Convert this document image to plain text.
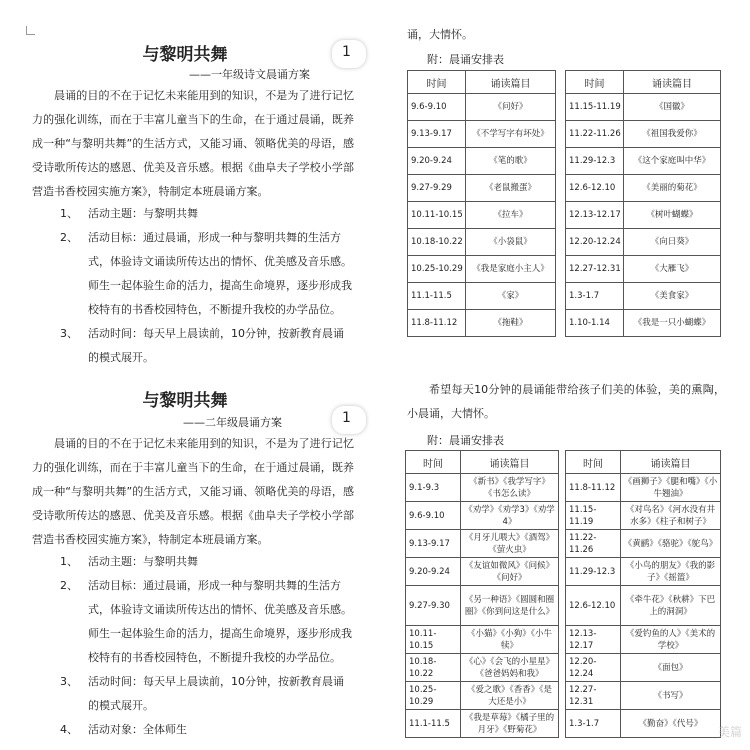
与黎明共舞	1
——一年级诗文晨诵方案
晨诵的目的不在于记忆未来能用到的知识，不是为了进行记忆力的强化训练，而在于丰富儿童当下的生命，在于通过晨诵，既养成一种“与黎明共舞”的生活方式，又能习诵、领略优美的母语，感受诗歌所传达的感恩、优美及音乐感。根据《曲阜夫子学校小学部营造书香校园实施方案》，特制定本班晨诵方案。
1、 活动主题：与黎明共舞
2、 活动目标：通过晨诵，形成一种与黎明共舞的生活方式，体验诗文诵读所传达出的情怀、优美感及音乐感。师生一起体验生命的活力，提高生命境界，逐步形成我校特有的书香校园特色，不断提升我校的办学品位。
3、 活动时间：每天早上晨读前，10分钟，按新教育晨诵的模式展开。
诵，大情怀。
附：晨诵安排表
时间	诵读篇目
9.6-9.10	《问好》
9.13-9.17	《不学写字有坏处》
9.20-9.24	《笔的歌》
9.27-9.29	《老鼠搬蛋》
10.11-10.15	《拉车》
10.18-10.22	《小袋鼠》
10.25-10.29	《我是家庭小主人》
11.1-11.5	《家》
11.8-11.12	《拖鞋》
时间	诵读篇目
11.15-11.19	《国徽》
11.22-11.26	《祖国我爱你》
11.29-12.3	《这个家庭叫中华》
12.6-12.10	《美丽的菊花》
12.13-12.17	《树叶蝴蝶》
12.20-12.24	《向日葵》
12.27-12.31	《大雁飞》
1.3-1.7	《美食家》
1.10-1.14	《我是一只小蝴蝶》
与黎明共舞
1
——二年级晨诵方案
晨诵的目的不在于记忆未来能用到的知识，不是为了进行记忆力的强化训练，而在于丰富儿童当下的生命，在于通过晨诵，既养成一种“与黎明共舞”的生活方式，又能习诵、领略优美的母语，感受诗歌所传达的感恩、优美及音乐感。根据《曲阜夫子学校小学部营造书香校园实施方案》，特制定本班晨诵方案。
1、 活动主题：与黎明共舞
2、 活动目标：通过晨诵，形成一种与黎明共舞的生活方式，体验诗文诵读所传达出的情怀、优美感及音乐感。师生一起体验生命的活力，提高生命境界，逐步形成我校特有的书香校园特色，不断提升我校的办学品位。
3、 活动时间：每天早上晨读前，10分钟，按新教育晨诵的模式展开。
4、 活动对象：全体师生
希望每天10分钟的晨诵能带给孩子们美的体验，美的熏陶，小晨诵，大情怀。
附：晨诵安排表
时间	诵读篇目
9.1-9.3	《新书》《我学写字》《书怎么读》
9.6-9.10	《劝学》《劝学3》《劝学4》
9.13-9.17	《月牙儿喂大》《酒驾》《萤火虫》
9.20-9.24	《友谊如微风》《问候》《问好》
9.27-9.30	《另一种语》《圆圆和圈圈》《你到问这是什么》
10.11-10.15	《小猫》《小狗》《小牛犊》
10.18-10.22	《心》《会飞的小星星》《爸爸妈妈和我》
10.25-10.29	《爱之歌》《香香》《是大还是小》
11.1-11.5	《我是草莓》《橘子里的月牙》《野菊花》
时间	诵读篇目
11.8-11.12	《画狮子》《腿和嘴》《小牛翘油》
11.15-11.19	《对鸟名》《河水没有井水多》《柱子和树子》
11.22-11.26	《黄鹂》《骆驼》《鸵鸟》
11.29-12.3	《小鸟的朋友》《我的影子》《摇篮》
12.6-12.10	《牵牛花》《秋耕》下巴上的洞洞》
12.13-12.17	《爱钓鱼的人》《美术的学校》
12.20-12.24	《面包》
12.27-12.31	《书写》
1.3-1.7	《勤奋》《代号》
美篇
